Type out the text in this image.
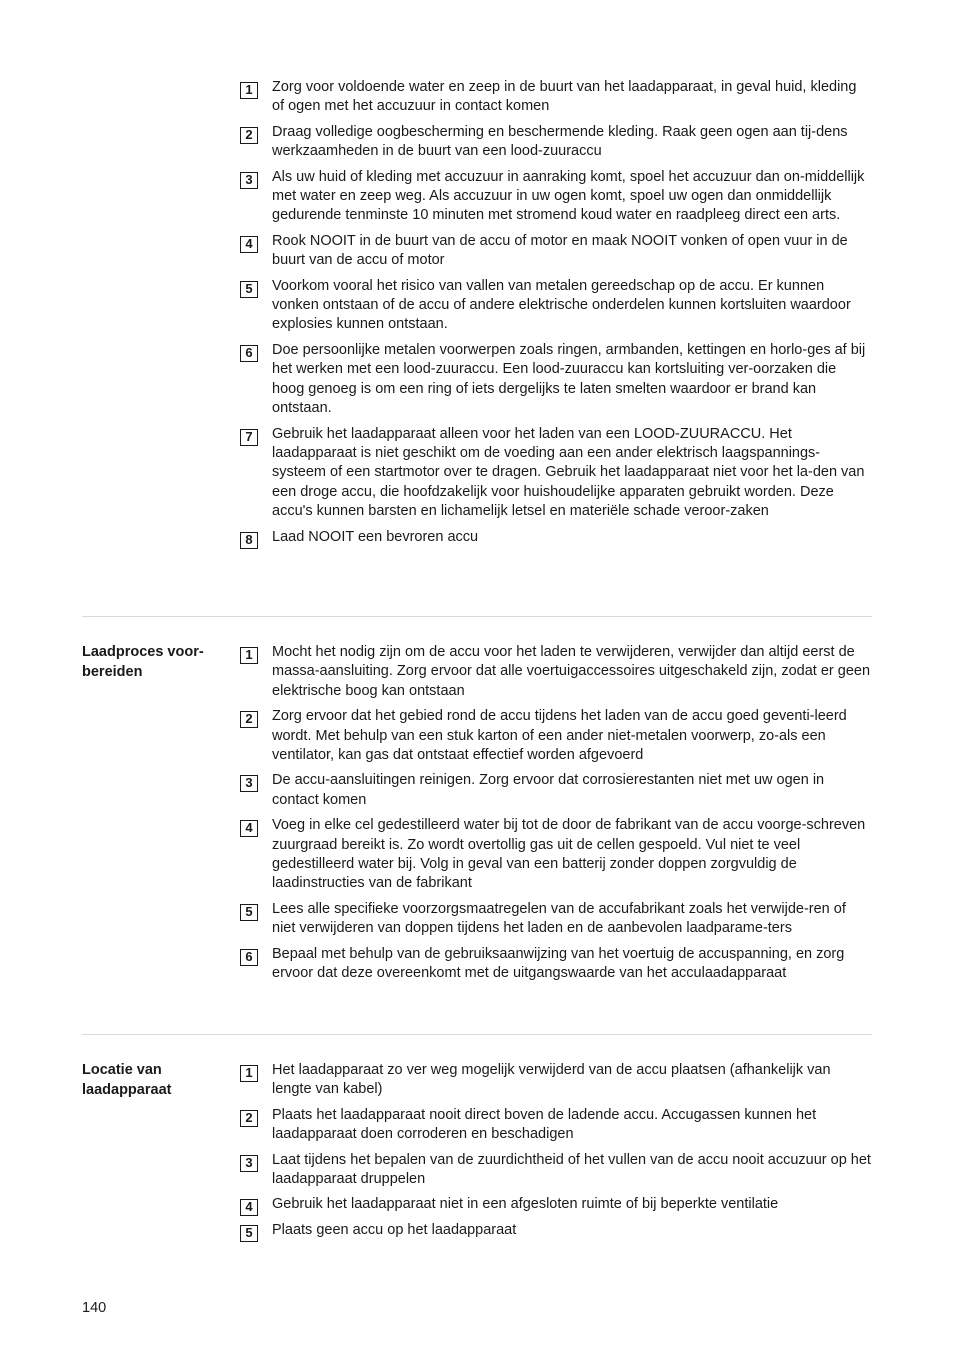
1	Zorg voor voldoende water en zeep in de buurt van het laadapparaat, in geval huid, kleding of ogen met het accuzuur in contact komen
2	Draag volledige oogbescherming en beschermende kleding. Raak geen ogen aan tij-dens werkzaamheden in de buurt van een lood-zuuraccu
3	Als uw huid of kleding met accuzuur in aanraking komt, spoel het accuzuur dan on-middellijk met water en zeep weg. Als accuzuur in uw ogen komt, spoel uw ogen dan onmiddellijk gedurende tenminste 10 minuten met stromend koud water en raadpleeg direct een arts.
4	Rook NOOIT in de buurt van de accu of motor en maak NOOIT vonken of open vuur in de buurt van de accu of motor
5	Voorkom vooral het risico van vallen van metalen gereedschap op de accu. Er kunnen vonken ontstaan of de accu of andere elektrische onderdelen kunnen kortsluiten waardoor explosies kunnen ontstaan.
6	Doe persoonlijke metalen voorwerpen zoals ringen, armbanden, kettingen en horlo-ges af bij het werken met een lood-zuuraccu. Een lood-zuuraccu kan kortsluiting ver-oorzaken die hoog genoeg is om een ring of iets dergelijks te laten smelten waardoor er brand kan ontstaan.
7	Gebruik het laadapparaat alleen voor het laden van een LOOD-ZUURACCU. Het laadapparaat is niet geschikt om de voeding aan een ander elektrisch laagspannings-systeem of een startmotor over te dragen. Gebruik het laadapparaat niet voor het la-den van een droge accu, die hoofdzakelijk voor huishoudelijke apparaten gebruikt worden. Deze accu's kunnen barsten en lichamelijk letsel en materiële schade veroor-zaken
8	Laad NOOIT een bevroren accu
Laadproces voor-bereiden
1	Mocht het nodig zijn om de accu voor het laden te verwijderen, verwijder dan altijd eerst de massa-aansluiting. Zorg ervoor dat alle voertuigaccessoires uitgeschakeld zijn, zodat er geen elektrische boog kan ontstaan
2	Zorg ervoor dat het gebied rond de accu tijdens het laden van de accu goed geventi-leerd wordt. Met behulp van een stuk karton of een ander niet-metalen voorwerp, zo-als een ventilator, kan gas dat ontstaat effectief worden afgevoerd
3	De accu-aansluitingen reinigen. Zorg ervoor dat corrosierestanten niet met uw ogen in contact komen
4	Voeg in elke cel gedestilleerd water bij tot de door de fabrikant van de accu voorge-schreven zuurgraad bereikt is. Zo wordt overtollig gas uit de cellen gespoeld. Vul niet te veel gedestilleerd water bij. Volg in geval van een batterij zonder doppen zorgvuldig de laadinstructies van de fabrikant
5	Lees alle specifieke voorzorgsmaatregelen van de accufabrikant zoals het verwijde-ren of niet verwijderen van doppen tijdens het laden en de aanbevolen laadparame-ters
6	Bepaal met behulp van de gebruiksaanwijzing van het voertuig de accuspanning, en zorg ervoor dat deze overeenkomt met de uitgangswaarde van het acculaadapparaat
Locatie van laadapparaat
1	Het laadapparaat zo ver weg mogelijk verwijderd van de accu plaatsen (afhankelijk van lengte van kabel)
2	Plaats het laadapparaat nooit direct boven de ladende accu. Accugassen kunnen het laadapparaat doen corroderen en beschadigen
3	Laat tijdens het bepalen van de zuurdichtheid of het vullen van de accu nooit accuzuur op het laadapparaat druppelen
4	Gebruik het laadapparaat niet in een afgesloten ruimte of bij beperkte ventilatie
5	Plaats geen accu op het laadapparaat
140
